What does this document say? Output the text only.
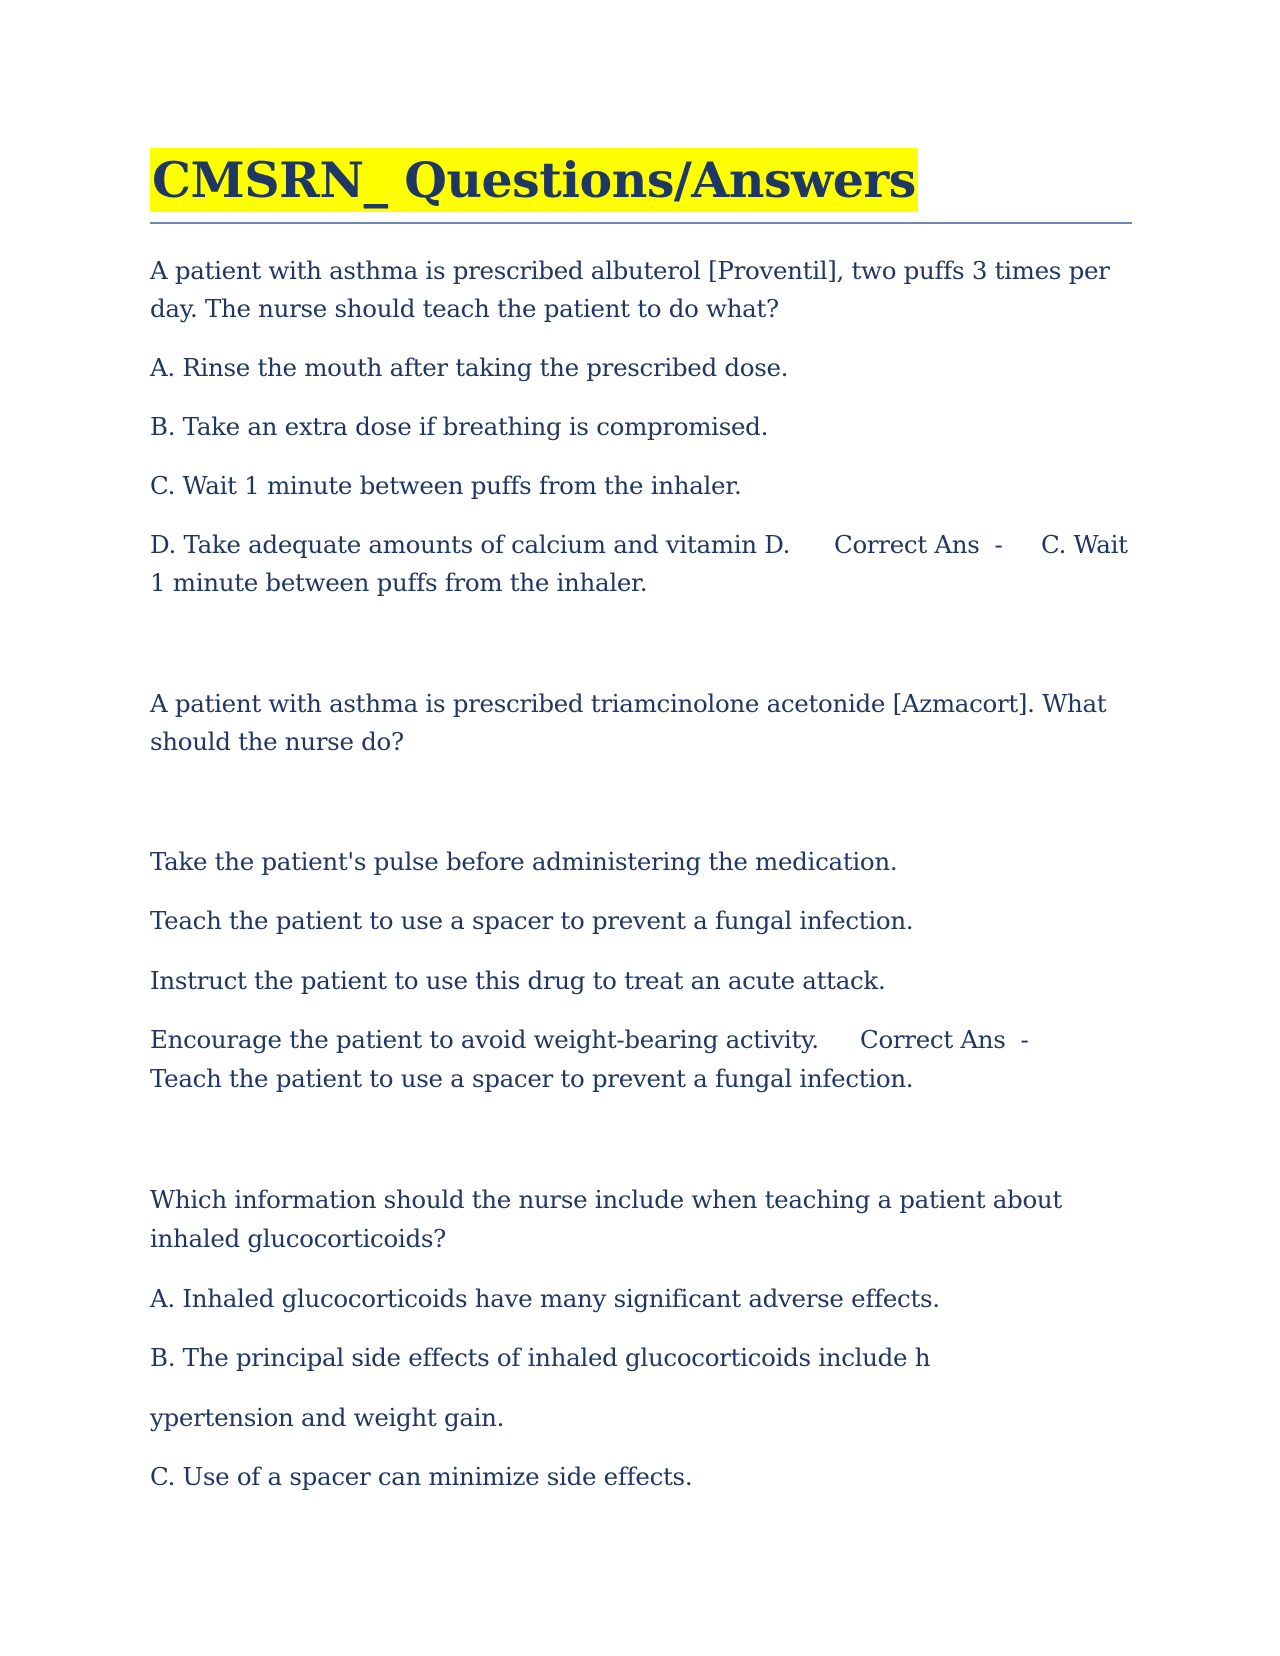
CMSRN_ Questions/Answers
A patient with asthma is prescribed albuterol [Proventil], two puffs 3 times per
day. The nurse should teach the patient to do what?
A. Rinse the mouth after taking the prescribed dose.
B. Take an extra dose if breathing is compromised.
C. Wait 1 minute between puffs from the inhaler.
D. Take adequate amounts of calcium and vitamin D. Correct Ans  - C. Wait
1 minute between puffs from the inhaler.
A patient with asthma is prescribed triamcinolone acetonide [Azmacort]. What
should the nurse do?
Take the patient's pulse before administering the medication.
Teach the patient to use a spacer to prevent a fungal infection.
Instruct the patient to use this drug to treat an acute attack.
Encourage the patient to avoid weight-bearing activity. Correct Ans  -
Teach the patient to use a spacer to prevent a fungal infection.
Which information should the nurse include when teaching a patient about
inhaled glucocorticoids?
A. Inhaled glucocorticoids have many significant adverse effects.
B. The principal side effects of inhaled glucocorticoids include h
ypertension and weight gain.
C. Use of a spacer can minimize side effects.
